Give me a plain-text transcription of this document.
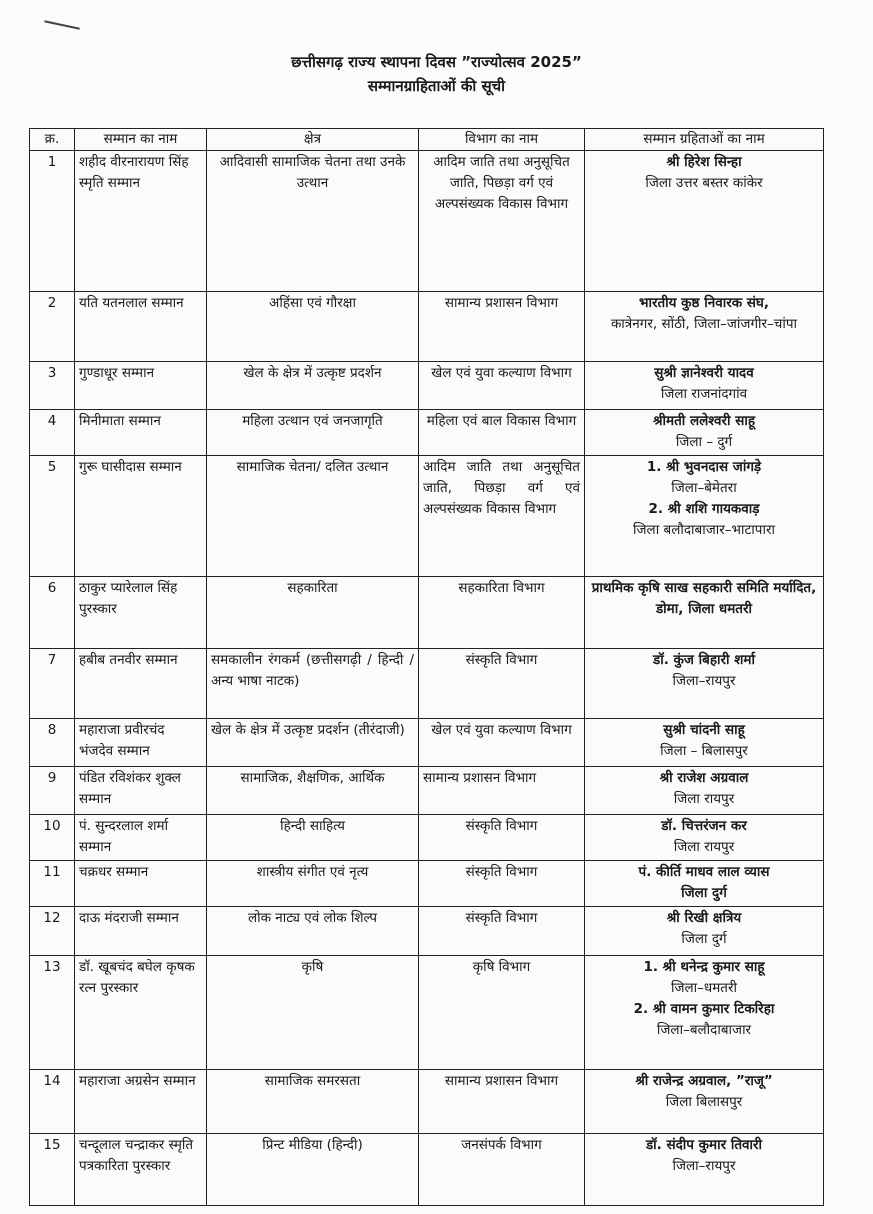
छत्तीसगढ़ राज्य स्थापना दिवस ”राज्योत्सव 2025”
सम्मानग्राहिताओं की सूची
क्र.	सम्मान का नाम	क्षेत्र	विभाग का नाम	सम्मान ग्रहिताओं का नाम
1	शहीद वीरनारायण सिंह स्मृति सम्मान	आदिवासी सामाजिक चेतना तथा उनके उत्थान	आदिम जाति तथा अनुसूचित जाति, पिछड़ा वर्ग एवं अल्पसंख्यक विकास विभाग	श्री हिरेश सिन्हा
जिला उत्तर बस्तर कांकेर

2	यति यतनलाल सम्मान	अहिंसा एवं गौरक्षा	सामान्य प्रशासन विभाग	भारतीय कुष्ठ निवारक संघ,
कात्रेनगर, सोंठी, जिला–जांजगीर–चांपा

3	गुण्डाधूर सम्मान	खेल के क्षेत्र में उत्कृष्ट प्रदर्शन	खेल एवं युवा कल्याण विभाग	सुश्री ज्ञानेश्वरी यादव
जिला राजनांदगांव

4	मिनीमाता सम्मान	महिला उत्थान एवं जनजागृति	महिला एवं बाल विकास विभाग	श्रीमती ललेश्वरी साहू
जिला – दुर्ग

5	गुरू घासीदास सम्मान	सामाजिक चेतना/ दलित उत्थान	आदिम जाति तथा अनुसूचित जाति, पिछड़ा वर्ग एवं अल्पसंख्यक विकास विभाग	1. श्री भुवनदास जांगड़े
जिला–बेमेतरा
2. श्री शशि गायकवाड़
जिला बलौदाबाजार–भाटापारा

6	ठाकुर प्यारेलाल सिंह पुरस्कार	सहकारिता	सहकारिता विभाग	प्राथमिक कृषि साख सहकारी समिति मर्यादित, डोमा, जिला धमतरी

7	हबीब तनवीर सम्मान	समकालीन रंगकर्म (छत्तीसगढ़ी / हिन्दी / अन्य भाषा नाटक)	संस्कृति विभाग	डॉ. कुंज बिहारी शर्मा
जिला–रायपुर

8	महाराजा प्रवीरचंद भंजदेव सम्मान	खेल के क्षेत्र में उत्कृष्ट प्रदर्शन (तीरंदाजी)	खेल एवं युवा कल्याण विभाग	सुश्री चांदनी साहू
जिला – बिलासपुर

9	पंडित रविशंकर शुक्ल सम्मान	सामाजिक, शैक्षणिक, आर्थिक	सामान्य प्रशासन विभाग	श्री राजेश अग्रवाल
जिला रायपुर

10	पं. सुन्दरलाल शर्मा सम्मान	हिन्दी साहित्य	संस्कृति विभाग	डॉ. चित्तरंजन कर
जिला रायपुर

11	चक्रधर सम्मान	शास्त्रीय संगीत एवं नृत्य	संस्कृति विभाग	पं. कीर्ति माधव लाल व्यास
जिला दुर्ग

12	दाऊ मंदराजी सम्मान	लोक नाट्य एवं लोक शिल्प	संस्कृति विभाग	श्री रिखी क्षत्रिय
जिला दुर्ग

13	डॉ. खूबचंद बघेल कृषक रत्न पुरस्कार	कृषि	कृषि विभाग	1. श्री थनेन्द्र कुमार साहू
जिला–धमतरी
2. श्री वामन कुमार टिकरिहा
जिला–बलौदाबाजार

14	महाराजा अग्रसेन सम्मान	सामाजिक समरसता	सामान्य प्रशासन विभाग	श्री राजेन्द्र अग्रवाल, ”राजू”
जिला बिलासपुर

15	चन्दूलाल चन्द्राकर स्मृति पत्रकारिता पुरस्कार	प्रिन्ट मीडिया (हिन्दी)	जनसंपर्क विभाग	डॉ. संदीप कुमार तिवारी
जिला–रायपुर
